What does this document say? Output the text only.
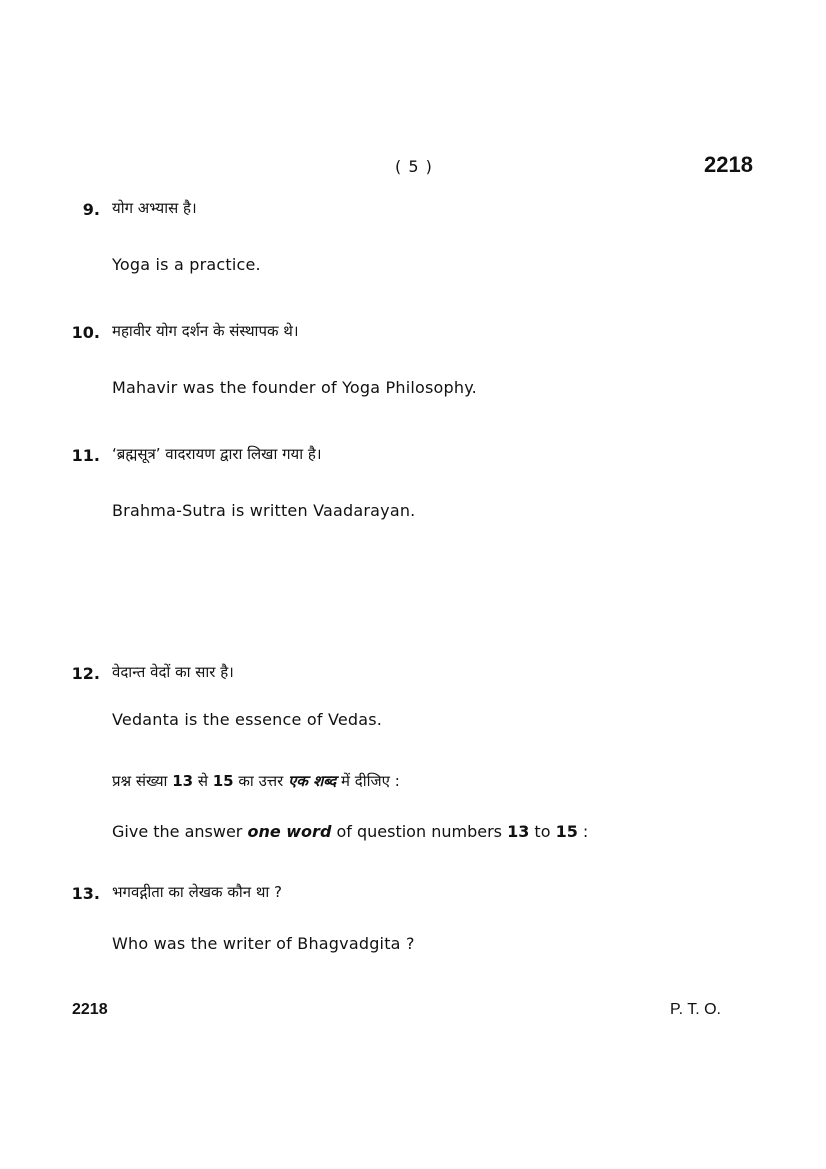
( 5 )	2218
9. योग अभ्यास है।
Yoga is a practice.
10. महावीर योग दर्शन के संस्थापक थे।
Mahavir was the founder of Yoga Philosophy.
11. ‘ब्रह्मसूत्र’ वादरायण द्वारा लिखा गया है।
Brahma-Sutra is written Vaadarayan.
12. वेदान्त वेदों का सार है।
Vedanta is the essence of Vedas.
प्रश्न संख्या 13 से 15 का उत्तर एक शब्द में दीजिए :
Give the answer one word of question numbers 13 to 15 :
13. भगवद्गीता का लेखक कौन था ?
Who was the writer of Bhagvadgita ?
2218	P. T. O.
